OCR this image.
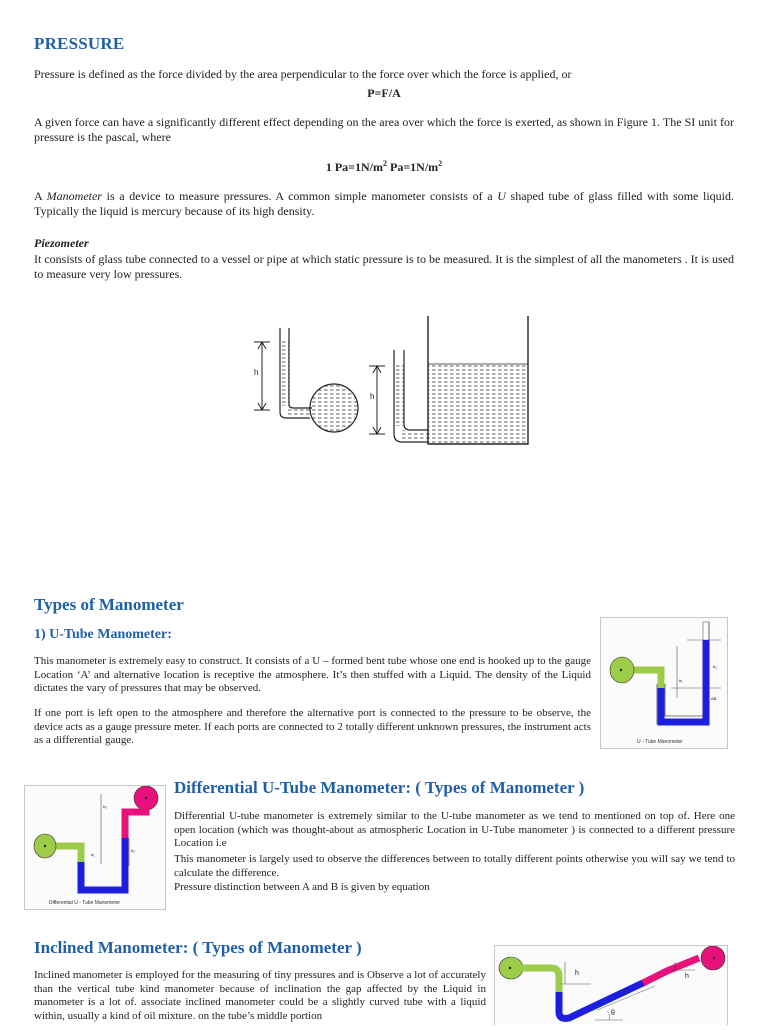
PRESSURE

Pressure is defined as the force divided by the area perpendicular to the force over which the force is applied, or

P=F/A

A given force can have a significantly different effect depending on the area over which the force is exerted, as shown in Figure 1. The SI unit for pressure is the pascal, where

1 $Pa=1N/m^2$ $Pa=1N/m^2$

A Manometer is a device to measure pressures. A common simple manometer consists of a U shaped tube of glass filled with some liquid. Typically the liquid is mercury because of its high density.

Piezometer

It consists of glass tube connected to a vessel or pipe at which static pressure is to be measured. It is the simplest of all the manometers . It is used to measure very low pressures.

h
h
Types of Manometer
1) U-Tube Manometer:

This manometer is extremely easy to construct. It consists of a U – formed bent tube whose one end is hooked up to the gauge Location ‘A’ and alternative location is receptive the atmosphere. It’s then stuffed with a Liquid. The density of the Liquid dictates the vary of pressures that may be observed.

If one port is left open to the atmosphere and therefore the alternative port is connected to the pressure to be observe, the device acts as a gauge pressure meter. If each ports are connected to 2 totally different unknown pressures, the instrument acts as a differential gauge.

h₂
h₁
ΔB
U - Tube Manometer
h₃
h₂
h₁
Differential U - Tube Manometer
Differential U-Tube Manometer: ( Types of Manometer )

Differential U-tube manometer is extremely similar to the U-tube manometer as we tend to mentioned on top of. Here one open location (which was thought-about as atmospheric Location in U-Tube manometer ) is connected to a different pressure Location i.e

This manometer is largely used to observe the differences between to totally different points otherwise you will say we tend to calculate the difference.

Pressure distinction between A and B is given by equation

Inclined Manometer: ( Types of Manometer )

Inclined manometer is employed for the measuring of tiny pressures and is Observe a lot of accurately than the vertical tube kind manometer because of inclination the gap affected by the Liquid in manometer is a lot of. associate inclined manometer could be a slightly curved tube with a liquid within, usually a kind of oil mixture. on the tube’s middle portion

h	h
L
θ
